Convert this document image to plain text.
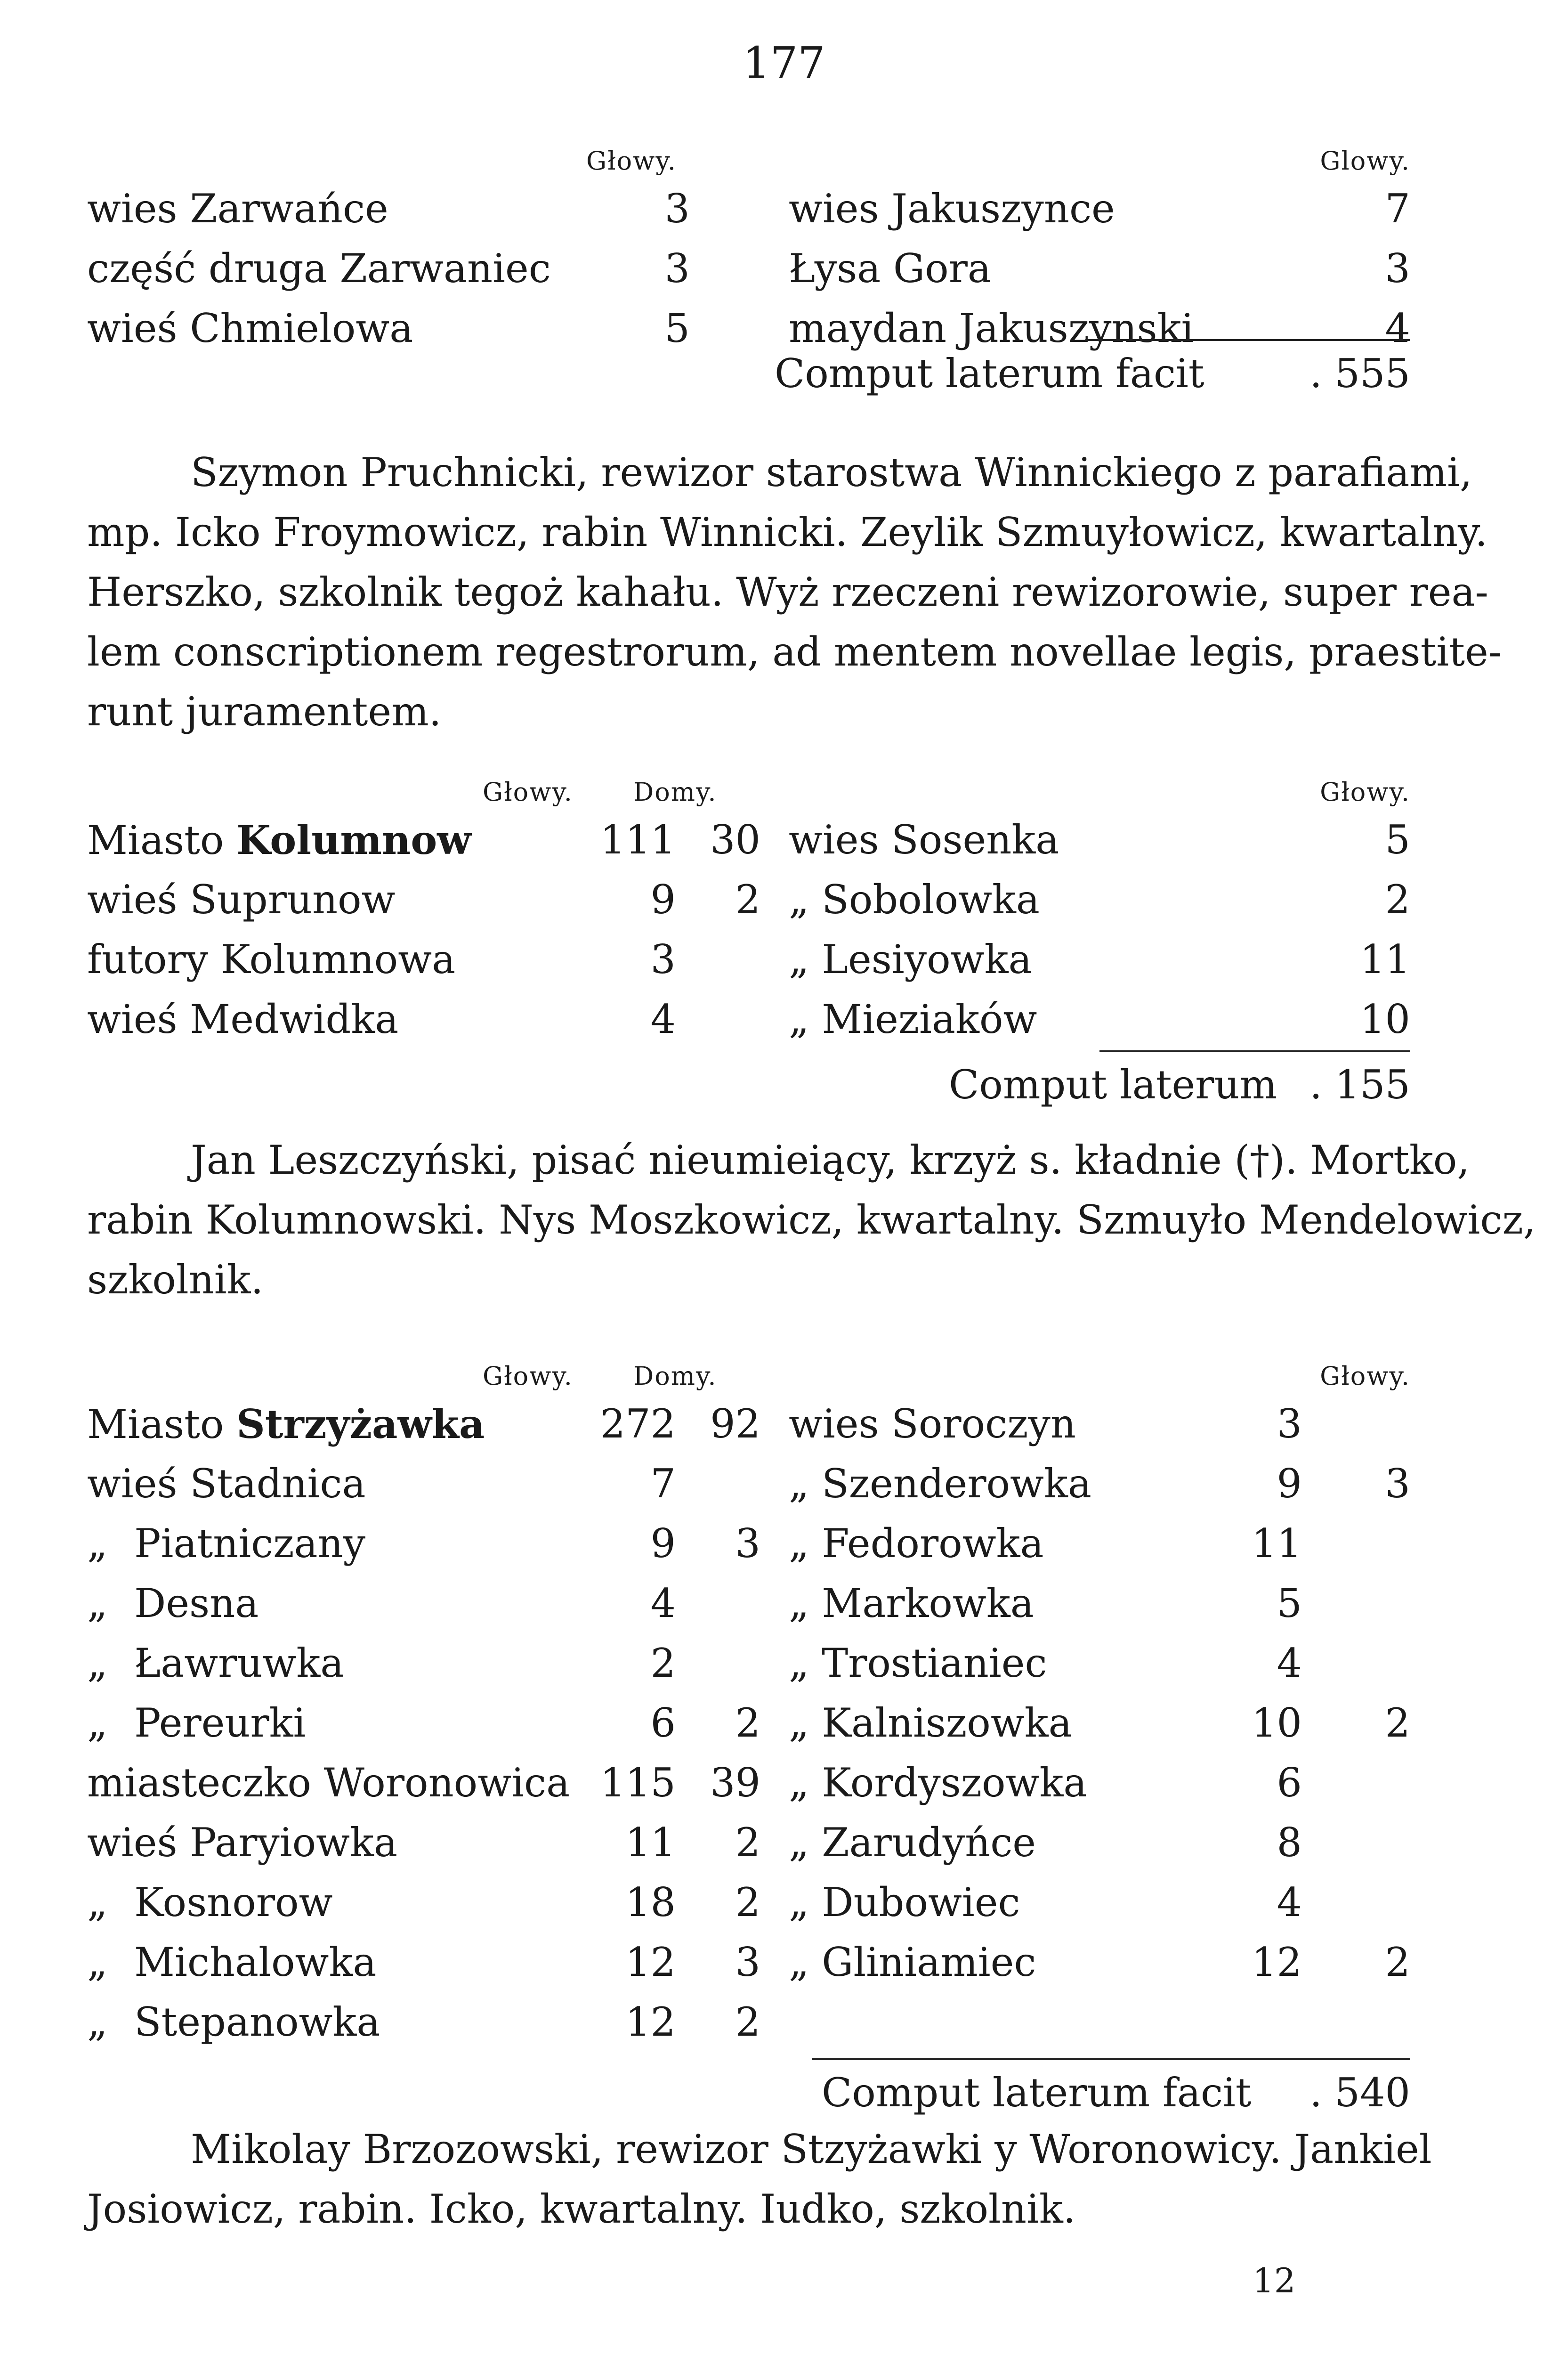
177
Głowy.	Glowy.
wies Zarwańce	3	wies Jakuszynce	7
część druga Zarwaniec	3	Łysa Gora	3
wieś Chmielowa	5	maydan Jakuszynski	4
Comput laterum facit	. 555
Szymon Pruchnicki, rewizor starostwa Winnickiego z parafiami,
mp. Icko Froymowicz, rabin Winnicki. Zeylik Szmuyłowicz, kwartalny.
Herszko, szkolnik tegoż kahału. Wyż rzeczeni rewizorowie, super rea-
lem conscriptionem regestrorum, ad mentem novellae legis, praestite-
runt juramentem.
Głowy. Domy.	Głowy.
Miasto Kolumnow	111 30 wies Sosenka	5
wieś Suprunow	9 2 „ Sobolowka	2
futory Kolumnowa	3	„ Lesiyowka	11
wieś Medwidka	4	„ Mieziaków	10
Comput laterum . 155
Jan Leszczyński, pisać nieumieiący, krzyż s. kładnie (†). Mortko,
rabin Kolumnowski. Nys Moszkowicz, kwartalny. Szmuyło Mendelowicz,
szkolnik.
Głowy. Domy.	Głowy.
Miasto Strzyżawka	272 92 wies Soroczyn	3
wieś Stadnica	7	„ Szenderowka	9 3
„ Piatniczany	9 3 „ Fedorowka	11
„ Desna	4	„ Markowka	5
„ Ławruwka	2	„ Trostianiec	4
„ Pereurki	6 2 „ Kalniszowka	10 2
miasteczko Woronowica 115 39 „ Kordyszowka	6
wieś Paryiowka	11 2 „ Zarudyńce	8
„ Kosnorow	18 2 „ Dubowiec	4
„ Michalowka	12 3 „ Gliniamiec	12 2
„ Stepanowka	12 2
Comput laterum facit . 540
Mikolay Brzozowski, rewizor Stzyżawki y Woronowicy. Jankiel
Josiowicz, rabin. Icko, kwartalny. Iudko, szkolnik.
12
